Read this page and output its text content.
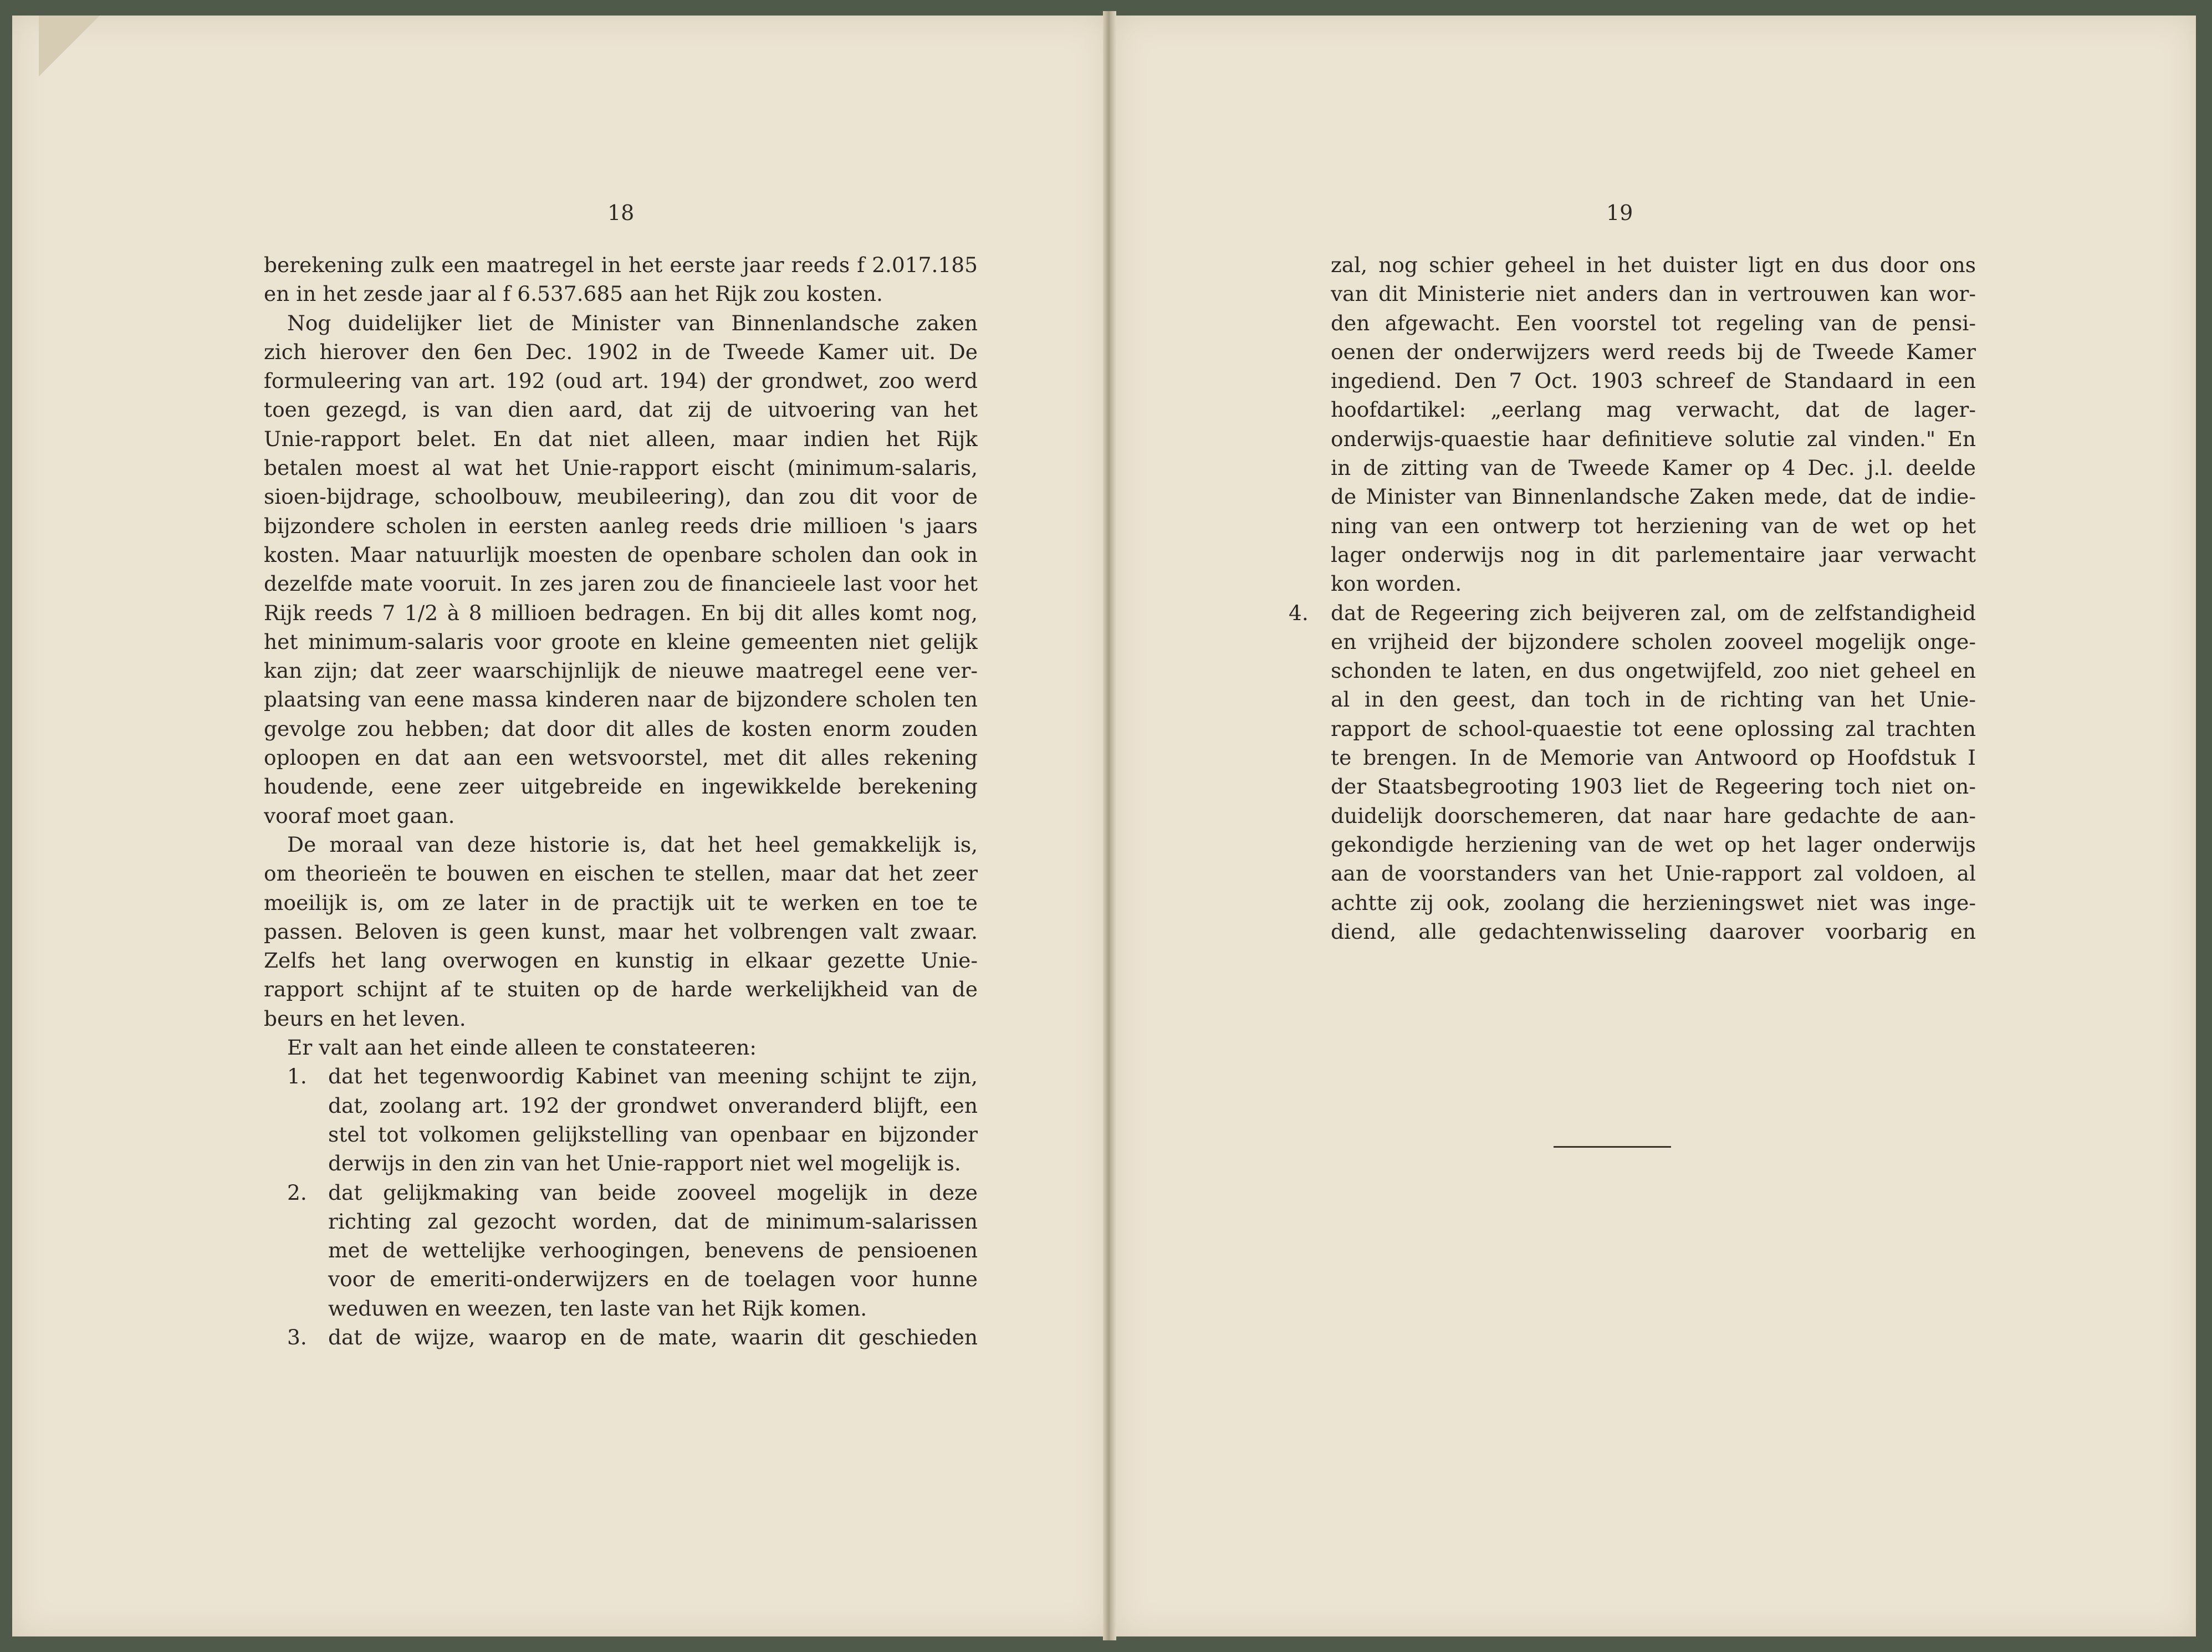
18
berekening zulk een maatregel in het eerste jaar reeds f 2.017.185
en in het zesde jaar al f 6.537.685 aan het Rijk zou kosten.
Nog duidelijker liet de Minister van Binnenlandsche zaken
zich hierover den 6en Dec. 1902 in de Tweede Kamer uit. De
formuleering van art. 192 (oud art. 194) der grondwet, zoo werd
toen gezegd, is van dien aard, dat zij de uitvoering van het
Unie-rapport belet. En dat niet alleen, maar indien het Rijk
betalen moest al wat het Unie-rapport eischt (minimum-salaris,
sioen-bijdrage, schoolbouw, meubileering), dan zou dit voor de
bijzondere scholen in eersten aanleg reeds drie millioen 's jaars
kosten. Maar natuurlijk moesten de openbare scholen dan ook in
dezelfde mate vooruit. In zes jaren zou de financieele last voor het
Rijk reeds 7 1/2 à 8 millioen bedragen. En bij dit alles komt nog,
het minimum-salaris voor groote en kleine gemeenten niet gelijk
kan zijn; dat zeer waarschijnlijk de nieuwe maatregel eene ver-
plaatsing van eene massa kinderen naar de bijzondere scholen ten
gevolge zou hebben; dat door dit alles de kosten enorm zouden
oploopen en dat aan een wetsvoorstel, met dit alles rekening
houdende, eene zeer uitgebreide en ingewikkelde berekening
vooraf moet gaan.
De moraal van deze historie is, dat het heel gemakkelijk is,
om theorieën te bouwen en eischen te stellen, maar dat het zeer
moeilijk is, om ze later in de practijk uit te werken en toe te
passen. Beloven is geen kunst, maar het volbrengen valt zwaar.
Zelfs het lang overwogen en kunstig in elkaar gezette Unie-
rapport schijnt af te stuiten op de harde werkelijkheid van de
beurs en het leven.
Er valt aan het einde alleen te constateeren:
dat het tegenwoordig Kabinet van meening schijnt te zijn,
dat, zoolang art. 192 der grondwet onveranderd blijft, een
stel tot volkomen gelijkstelling van openbaar en bijzonder
derwijs in den zin van het Unie-rapport niet wel mogelijk is.
dat gelijkmaking van beide zooveel mogelijk in deze
richting zal gezocht worden, dat de minimum-salarissen
met de wettelijke verhoogingen, benevens de pensioenen
voor de emeriti-onderwijzers en de toelagen voor hunne
weduwen en weezen, ten laste van het Rijk komen.
dat de wijze, waarop en de mate, waarin dit geschieden
19
zal, nog schier geheel in het duister ligt en dus door ons
van dit Ministerie niet anders dan in vertrouwen kan wor-
den afgewacht. Een voorstel tot regeling van de pensi-
oenen der onderwijzers werd reeds bij de Tweede Kamer
ingediend. Den 7 Oct. 1903 schreef de Standaard in een
hoofdartikel: „eerlang mag verwacht, dat de lager-
onderwijs-quaestie haar definitieve solutie zal vinden." En
in de zitting van de Tweede Kamer op 4 Dec. j.l. deelde
de Minister van Binnenlandsche Zaken mede, dat de indie-
ning van een ontwerp tot herziening van de wet op het
lager onderwijs nog in dit parlementaire jaar verwacht
kon worden.
dat de Regeering zich beijveren zal, om de zelfstandigheid
en vrijheid der bijzondere scholen zooveel mogelijk onge-
schonden te laten, en dus ongetwijfeld, zoo niet geheel en
al in den geest, dan toch in de richting van het Unie-
rapport de school-quaestie tot eene oplossing zal trachten
te brengen. In de Memorie van Antwoord op Hoofdstuk I
der Staatsbegrooting 1903 liet de Regeering toch niet on-
duidelijk doorschemeren, dat naar hare gedachte de aan-
gekondigde herziening van de wet op het lager onderwijs
aan de voorstanders van het Unie-rapport zal voldoen, al
achtte zij ook, zoolang die herzieningswet niet was inge-
diend, alle gedachtenwisseling daarover voorbarig en
1.
2.
3.
4.
